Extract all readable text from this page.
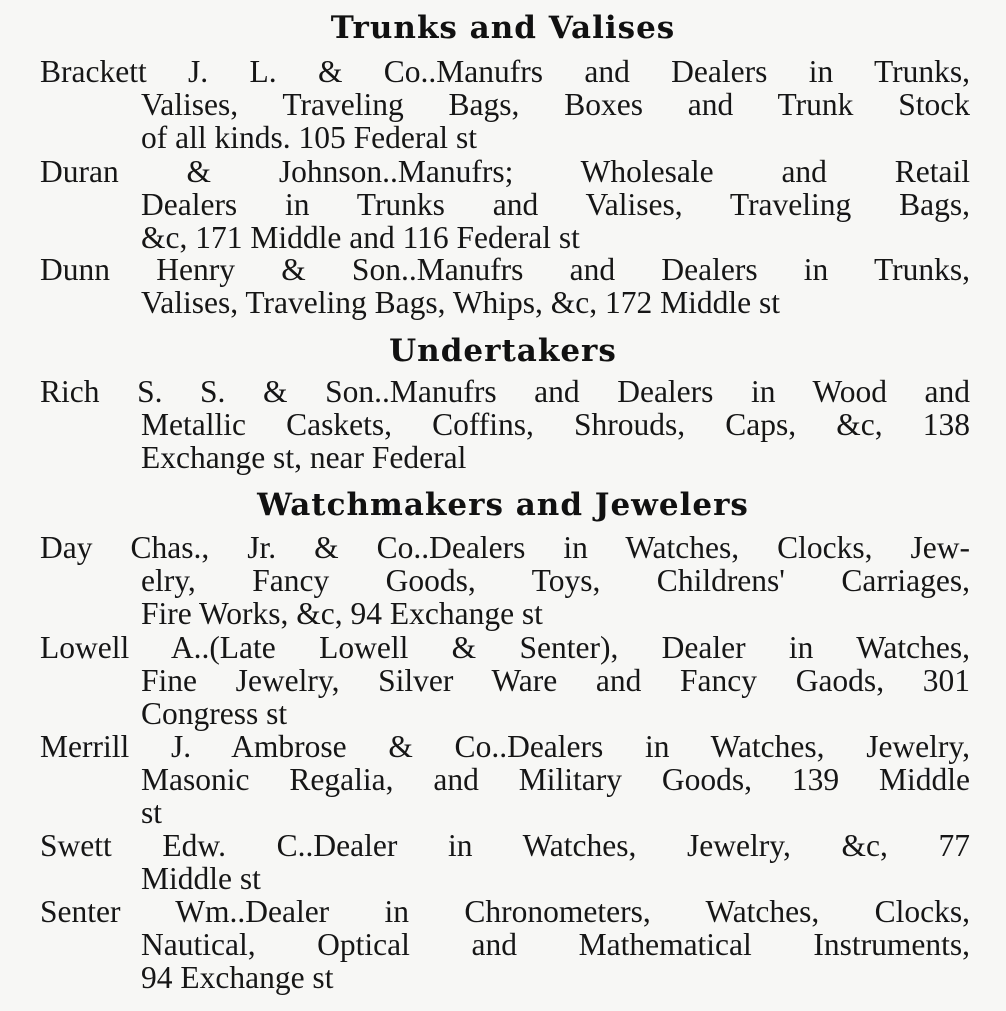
Trunks and Valises
Brackett J. L. & Co..Manufrs and Dealers in Trunks,
Valises, Traveling Bags, Boxes and Trunk Stock
of all kinds. 105 Federal st
Duran & Johnson..Manufrs; Wholesale and Retail
Dealers in Trunks and Valises, Traveling Bags,
&c, 171 Middle and 116 Federal st
Dunn Henry & Son..Manufrs and Dealers in Trunks,
Valises, Traveling Bags, Whips, &c, 172 Middle st
Undertakers
Rich S. S. & Son..Manufrs and Dealers in Wood and
Metallic Caskets, Coffins, Shrouds, Caps, &c, 138
Exchange st, near Federal
Watchmakers and Jewelers
Day Chas., Jr. & Co..Dealers in Watches, Clocks, Jew-
elry, Fancy Goods, Toys, Childrens' Carriages,
Fire Works, &c, 94 Exchange st
Lowell A..(Late Lowell & Senter), Dealer in Watches,
Fine Jewelry, Silver Ware and Fancy Gaods, 301
Congress st
Merrill J. Ambrose & Co..Dealers in Watches, Jewelry,
Masonic Regalia, and Military Goods, 139 Middle
st
Swett Edw. C..Dealer in Watches, Jewelry, &c, 77
Middle st
Senter Wm..Dealer in Chronometers, Watches, Clocks,
Nautical, Optical and Mathematical Instruments,
94 Exchange st
